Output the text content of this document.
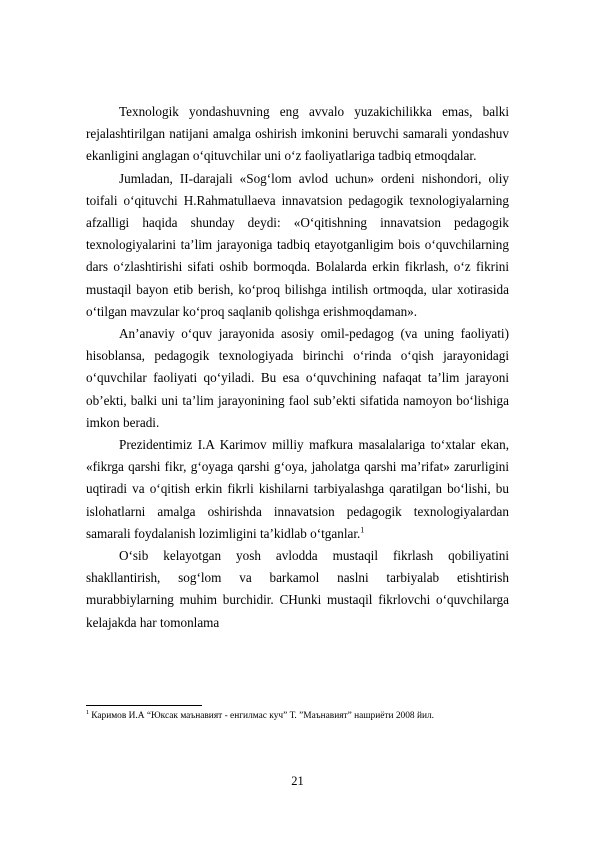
Texnologik yondashuvning eng avvalo yuzakichilikka emas, balki rejalashtirilgan natijani amalga oshirish imkonini beruvchi samarali yondashuv ekanligini anglagan o‘qituvchilar uni o‘z faoliyatlariga tadbiq etmoqdalar.

Jumladan, II-darajali «Sog‘lom avlod uchun» ordeni nishondori, oliy toifali o‘qituvchi H.Rahmatullaeva innavatsion pedagogik texnologiyalarning afzalligi haqida shunday deydi: «O‘qitishning innavatsion pedagogik texnologiyalarini ta’lim jarayoniga tadbiq etayotganligim bois o‘quvchilarning dars o‘zlashtirishi sifati oshib bormoqda. Bolalarda erkin fikrlash, o‘z fikrini mustaqil bayon etib berish, ko‘proq bilishga intilish ortmoqda, ular xotirasida o‘tilgan mavzular ko‘proq saqlanib qolishga erishmoqdaman».

An’anaviy o‘quv jarayonida asosiy omil-pedagog (va uning faoliyati) hisoblansa, pedagogik texnologiyada birinchi o‘rinda o‘qish jarayonidagi o‘quvchilar faoliyati qo‘yiladi. Bu esa o‘quvchining nafaqat ta’lim jarayoni ob’ekti, balki uni ta’lim jarayonining faol sub’ekti sifatida namoyon bo‘lishiga imkon beradi.

Prezidentimiz I.A Karimov milliy mafkura masalalariga to‘xtalar ekan, «fikrga qarshi fikr, g‘oyaga qarshi g‘oya, jaholatga qarshi ma’rifat» zarurligini uqtiradi va o‘qitish erkin fikrli kishilarni tarbiyalashga qaratilgan bo‘lishi, bu islohatlarni amalga oshirishda innavatsion pedagogik texnologiyalardan samarali foydalanish lozimligini ta’kidlab o‘tganlar.$^1$

O‘sib kelayotgan yosh avlodda mustaqil fikrlash qobiliyatini shakllantirish, sog‘lom va barkamol naslni tarbiyalab etishtirish murabbiylarning muhim burchidir. CHunki mustaqil fikrlovchi o‘quvchilarga kelajakda har tomonlama

$^1$ Каримов И.А “Юксак маънавият - енгилмас куч” Т. ”Маънавият” нашриёти 2008 йил.
21
